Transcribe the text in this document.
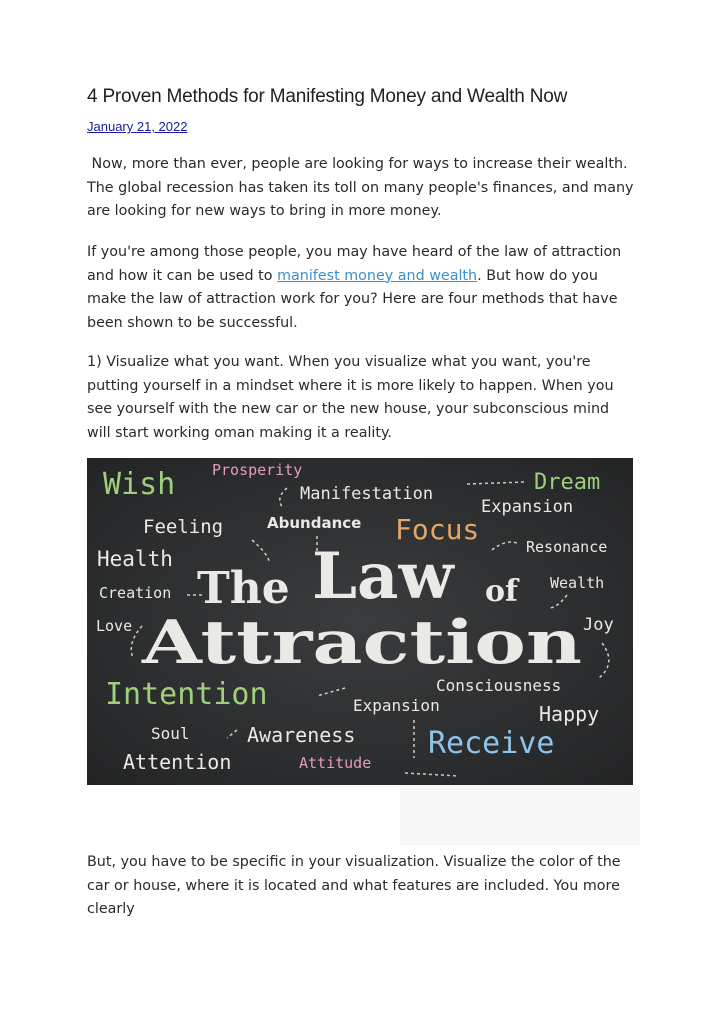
4 Proven Methods for Manifesting Money and Wealth Now
January 21, 2022

Now, more than ever, people are looking for ways to increase their wealth. The global recession has taken its toll on many people's finances, and many are looking for new ways to bring in more money.

If you're among those people, you may have heard of the law of attraction and how it can be used to manifest money and wealth. But how do you make the law of attraction work for you? Here are four methods that have been shown to be successful.

1) Visualize what you want. When you visualize what you want, you're putting yourself in a mindset where it is more likely to happen. When you see yourself with the new car or the new house, your subconscious mind will start working oman making it a reality.

Wish Prosperity	Dream
Manifestation
Expansion
Feeling	Abundance Focus
Resonance
Health
The Law of Wealth
Creation
Love	Joy
Attraction
Intention	Consciousness
Expansion	Happy
Soul	Awareness Receive
Attention	Attitude

But, you have to be specific in your visualization. Visualize the color of the car or house, where it is located and what features are included. You more clearly
